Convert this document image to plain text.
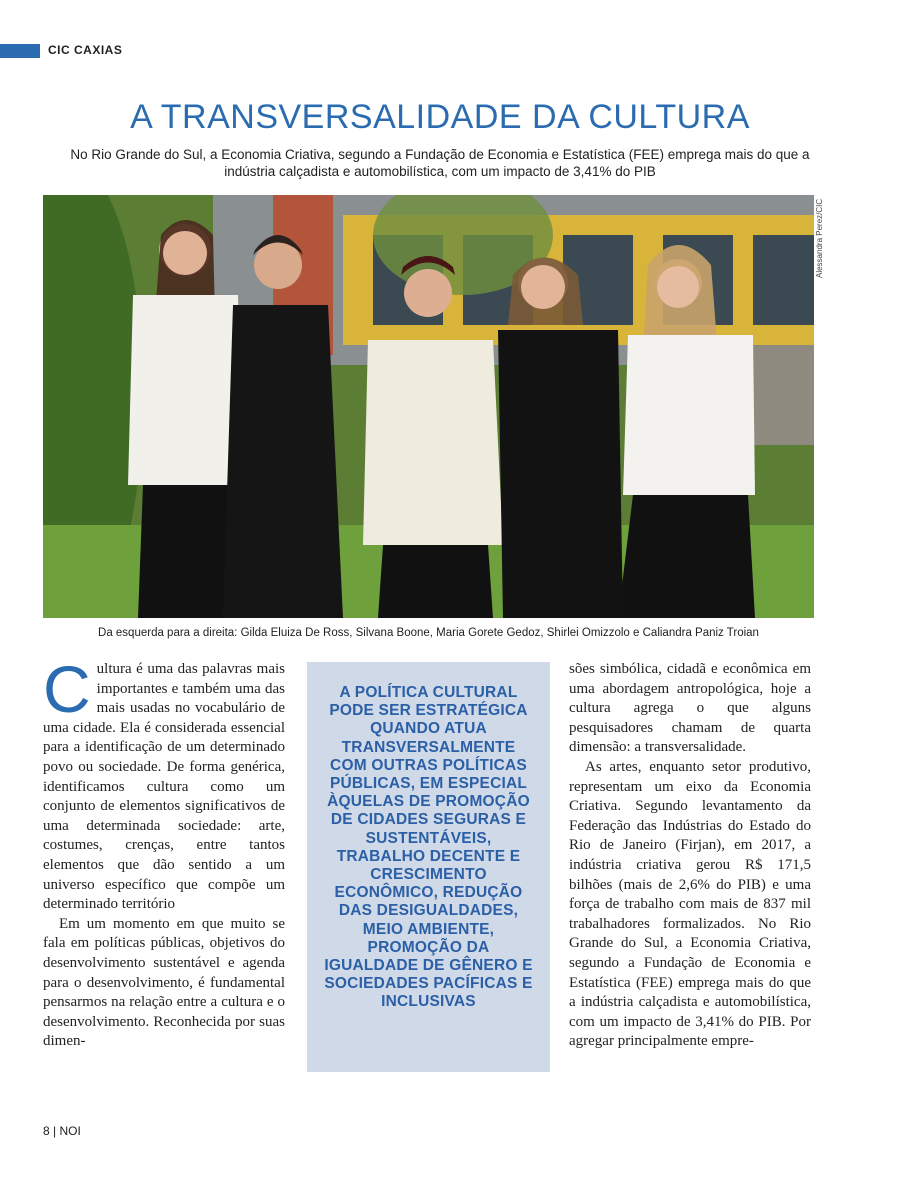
CIC CAXIAS
A TRANSVERSALIDADE DA CULTURA
No Rio Grande do Sul, a Economia Criativa, segundo a Fundação de Economia e Estatística (FEE) emprega mais do que a indústria calçadista e automobilística, com um impacto de 3,41% do PIB
Alessandra Perez/CIC
Da esquerda para a direita: Gilda Eluiza De Ross, Silvana Boone, Maria Gorete Gedoz, Shirlei Omizzolo e Caliandra Paniz Troian

Cultura é uma das palavras mais importantes e também uma das mais usadas no vocabulário de uma cidade. Ela é considerada essencial para a identificação de um determinado povo ou sociedade. De forma genérica, identificamos cultura como um conjunto de elementos significativos de uma determinada sociedade: arte, costumes, crenças, entre tantos elementos que dão sentido a um universo específico que compõe um determinado território

Em um momento em que muito se fala em políticas públicas, objetivos do desenvolvimento sustentável e agenda para o desenvolvimento, é fundamental pensarmos na relação entre a cultura e o desenvolvimento. Reconhecida por suas dimen-

A POLÍTICA CULTURAL PODE SER ESTRATÉGICA QUANDO ATUA TRANSVERSALMENTE COM OUTRAS POLÍTICAS PÚBLICAS, EM ESPECIAL ÀQUELAS DE PROMOÇÃO DE CIDADES SEGURAS E SUSTENTÁVEIS, TRABALHO DECENTE E CRESCIMENTO ECONÔMICO, REDUÇÃO DAS DESIGUALDADES, MEIO AMBIENTE, PROMOÇÃO DA IGUALDADE DE GÊNERO E SOCIEDADES PACÍFICAS E INCLUSIVAS

sões simbólica, cidadã e econômica em uma abordagem antropológica, hoje a cultura agrega o que alguns pesquisadores chamam de quarta dimensão: a transversalidade.

As artes, enquanto setor produtivo, representam um eixo da Economia Criativa. Segundo levantamento da Federação das Indústrias do Estado do Rio de Janeiro (Firjan), em 2017, a indústria criativa gerou R$ 171,5 bilhões (mais de 2,6% do PIB) e uma força de trabalho com mais de 837 mil trabalhadores formalizados. No Rio Grande do Sul, a Economia Criativa, segundo a Fundação de Economia e Estatística (FEE) emprega mais do que a indústria calçadista e automobilística, com um impacto de 3,41% do PIB. Por agregar principalmente empre-

8 | NOI
